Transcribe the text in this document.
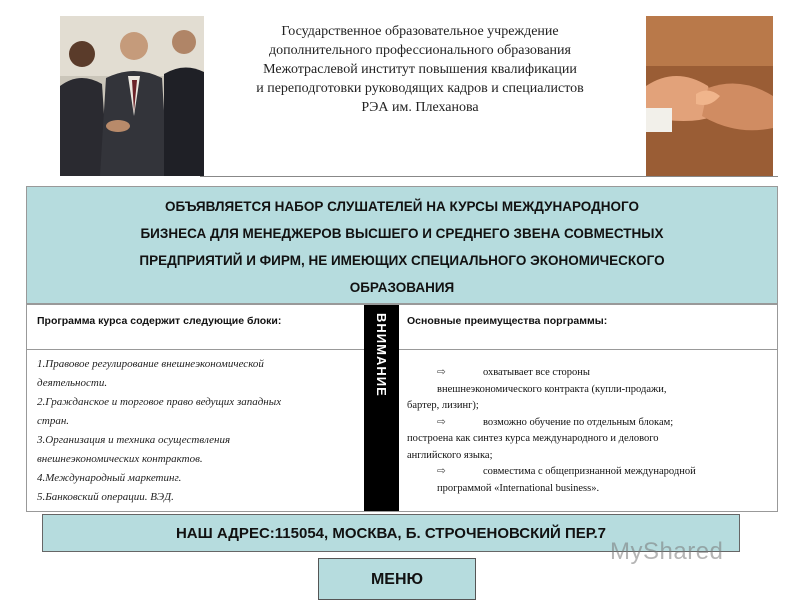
Государственное образовательное учреждение
дополнительного профессионального образования
Межотраслевой институт повышения квалификации
и переподготовки руководящих кадров и специалистов
РЭА им. Плеханова
ОБЪЯВЛЯЕТСЯ НАБОР СЛУШАТЕЛЕЙ НА КУРСЫ МЕЖДУНАРОДНОГО
БИЗНЕСА ДЛЯ МЕНЕДЖЕРОВ ВЫСШЕГО И СРЕДНЕГО ЗВЕНА СОВМЕСТНЫХ
ПРЕДПРИЯТИЙ И ФИРМ, НЕ ИМЕЮЩИХ СПЕЦИАЛЬНОГО ЭКОНОМИЧЕСКОГО
ОБРАЗОВАНИЯ
Программа курса содержит следующие блоки:
1.Правовое регулирование внешнеэкономической
деятельности.
2.Гражданское и торговое право ведущих западных
стран.
3.Организация и техника осуществления
внешнеэкономических контрактов.
4.Международный маркетинг.
5.Банковский операции. ВЭД.
ВНИМАНИЕ Основные преимущества порграммы:
⇨	охватывает все стороны
внешнеэкономического контракта (купли-продажи,
бартер, лизинг);
⇨	возможно обучение по отдельным блокам;
построена как синтез курса международного и делового
английского языка;
⇨	совместима с общепризнанной международной
программой «International business».
НАШ АДРЕС:115054, МОСКВА, Б. СТРОЧЕНОВСКИЙ ПЕР.7
MyShared
МЕНЮ
